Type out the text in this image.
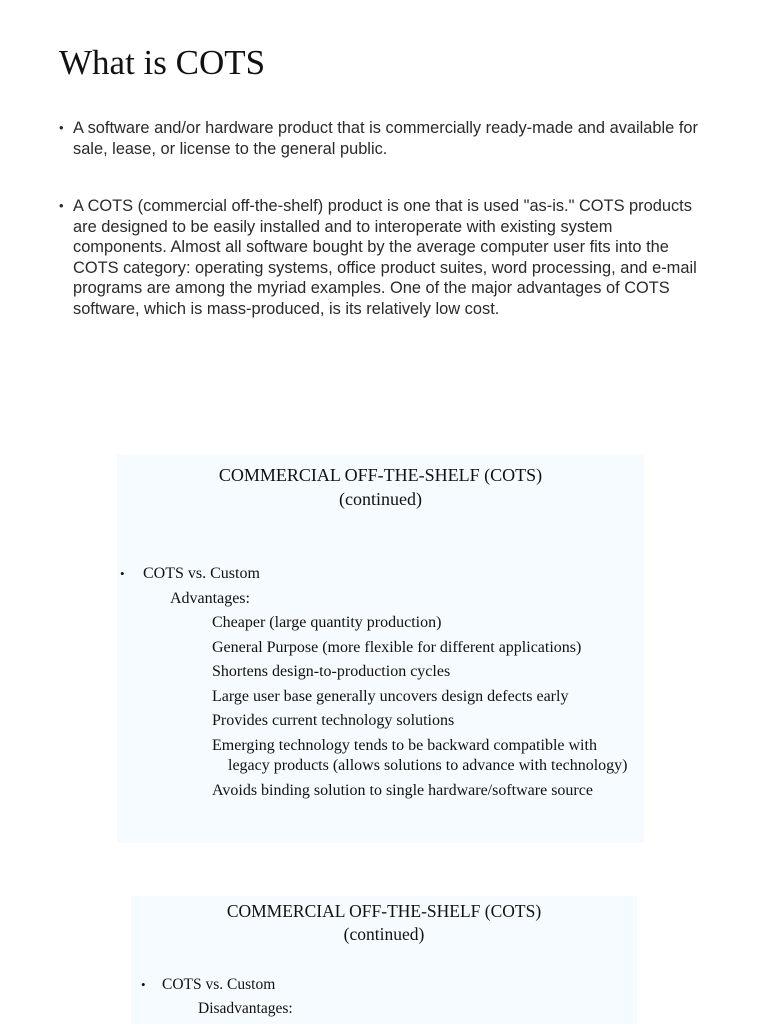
What is COTS
• A software and/or hardware product that is commercially ready-made and available for sale, lease, or license to the general public.
• A COTS (commercial off-the-shelf) product is one that is used "as-is." COTS products are designed to be easily installed and to interoperate with existing system components. Almost all software bought by the average computer user fits into the COTS category: operating systems, office product suites, word processing, and e-mail programs are among the myriad examples. One of the major advantages of COTS software, which is mass-produced, is its relatively low cost.
COMMERCIAL OFF-THE-SHELF (COTS)
(continued)
• COTS vs. Custom
Advantages:
Cheaper (large quantity production)
General Purpose (more flexible for different applications)
Shortens design-to-production cycles
Large user base generally uncovers design defects early
Provides current technology solutions
Emerging technology tends to be backward compatible with legacy products (allows solutions to advance with technology)
Avoids binding solution to single hardware/software source
COMMERCIAL OFF-THE-SHELF (COTS)
(continued)
• COTS vs. Custom
Disadvantages:
